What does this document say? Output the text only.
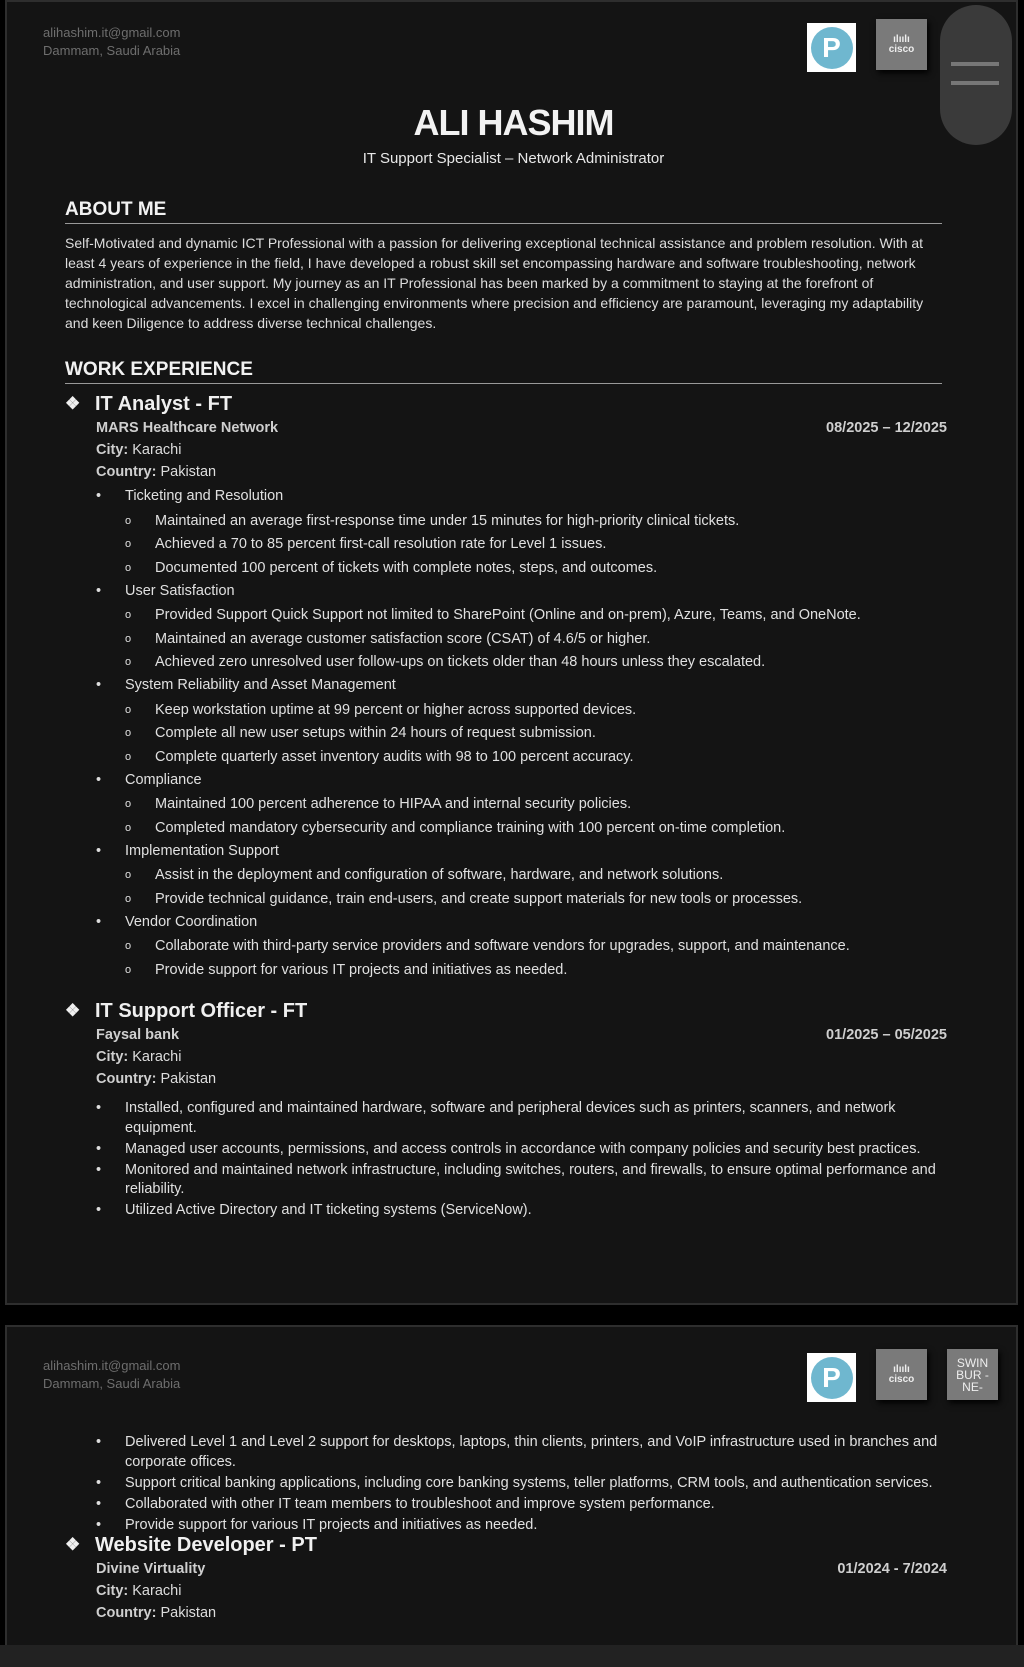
alihashim.it@gmail.com
Dammam, Saudi Arabia	P	ılıılı
cisco
ALI HASHIM
IT Support Specialist – Network Administrator
ABOUT ME
Self-Motivated and dynamic ICT Professional with a passion for delivering exceptional technical assistance and problem resolution. With at least 4 years of experience in the field, I have developed a robust skill set encompassing hardware and software troubleshooting, network administration, and user support. My journey as an IT Professional has been marked by a commitment to staying at the forefront of technological advancements. I excel in challenging environments where precision and efficiency are paramount, leveraging my adaptability and keen Diligence to address diverse technical challenges.
WORK EXPERIENCE
❖ IT Analyst - FT
MARS Healthcare Network	08/2025 – 12/2025
City: Karachi
Country: Pakistan
• Ticketing and Resolution
o Maintained an average first-response time under 15 minutes for high-priority clinical tickets.
o Achieved a 70 to 85 percent first-call resolution rate for Level 1 issues.
o Documented 100 percent of tickets with complete notes, steps, and outcomes.
• User Satisfaction
o Provided Support Quick Support not limited to SharePoint (Online and on-prem), Azure, Teams, and OneNote.
o Maintained an average customer satisfaction score (CSAT) of 4.6/5 or higher.
o Achieved zero unresolved user follow-ups on tickets older than 48 hours unless they escalated.
• System Reliability and Asset Management
o Keep workstation uptime at 99 percent or higher across supported devices.
o Complete all new user setups within 24 hours of request submission.
o Complete quarterly asset inventory audits with 98 to 100 percent accuracy.
• Compliance
o Maintained 100 percent adherence to HIPAA and internal security policies.
o Completed mandatory cybersecurity and compliance training with 100 percent on-time completion.
• Implementation Support
o Assist in the deployment and configuration of software, hardware, and network solutions.
o Provide technical guidance, train end-users, and create support materials for new tools or processes.
• Vendor Coordination
o Collaborate with third-party service providers and software vendors for upgrades, support, and maintenance.
o Provide support for various IT projects and initiatives as needed.
❖ IT Support Officer - FT
Faysal bank	01/2025 – 05/2025
City: Karachi
Country: Pakistan
• Installed, configured and maintained hardware, software and peripheral devices such as printers, scanners, and network equipment.
• Managed user accounts, permissions, and access controls in accordance with company policies and security best practices.
• Monitored and maintained network infrastructure, including switches, routers, and firewalls, to ensure optimal performance and reliability.
• Utilized Active Directory and IT ticketing systems (ServiceNow).
alihashim.it@gmail.com
Dammam, Saudi Arabia	P	ılıılı
cisco
SWIN BUR -NE-
• Delivered Level 1 and Level 2 support for desktops, laptops, thin clients, printers, and VoIP infrastructure used in branches and corporate offices.
• Support critical banking applications, including core banking systems, teller platforms, CRM tools, and authentication services.
• Collaborated with other IT team members to troubleshoot and improve system performance.
• Provide support for various IT projects and initiatives as needed.
❖ Website Developer - PT
Divine Virtuality	01/2024 - 7/2024
City: Karachi
Country: Pakistan
